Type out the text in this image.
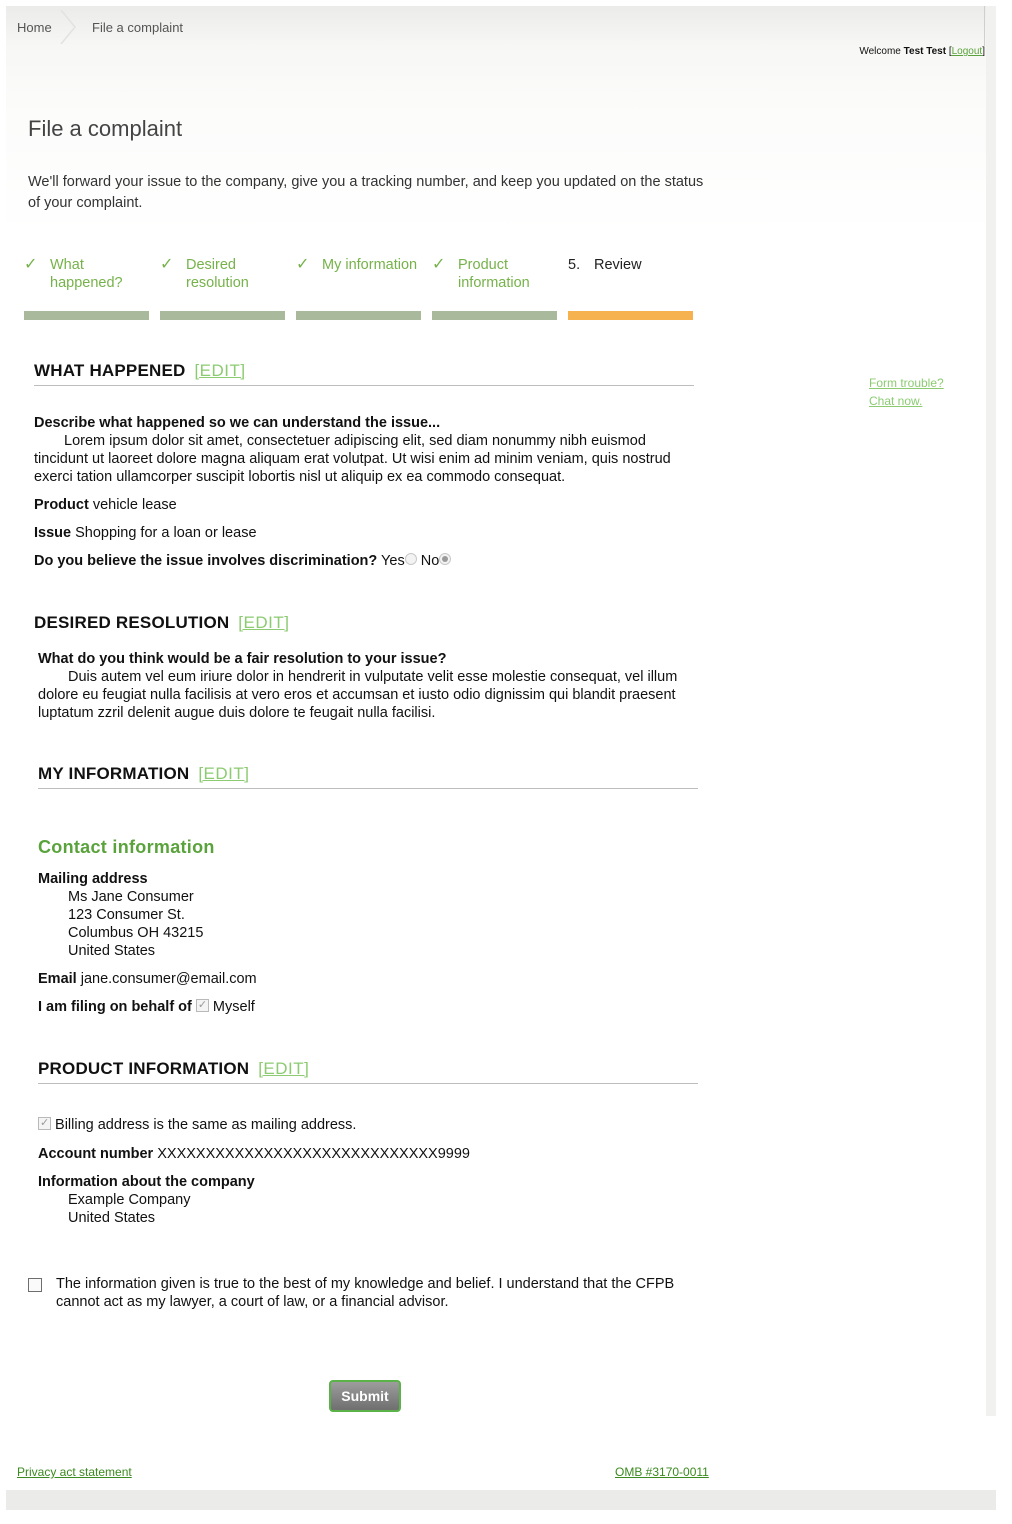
Home	File a complaint
Welcome Test Test [Logout]
File a complaint

We'll forward your issue to the company, give you a tracking number, and keep you updated on the status of your complaint.

✓ What happened?
✓ Desired resolution
✓ My information ✓ Product information
5. Review
Form trouble?
Chat now.
WHAT HAPPENED [EDIT]

Describe what happened so we can understand the issue...

Lorem ipsum dolor sit amet, consectetuer adipiscing elit, sed diam nonummy nibh euismod tincidunt ut laoreet dolore magna aliquam erat volutpat. Ut wisi enim ad minim veniam, quis nostrud exerci tation ullamcorper suscipit lobortis nisl ut aliquip ex ea commodo consequat.

Product vehicle lease

Issue Shopping for a loan or lease

Do you believe the issue involves discrimination? Yes No

DESIRED RESOLUTION [EDIT]

What do you think would be a fair resolution to your issue?

Duis autem vel eum iriure dolor in hendrerit in vulputate velit esse molestie consequat, vel illum dolore eu feugiat nulla facilisis at vero eros et accumsan et iusto odio dignissim qui blandit praesent luptatum zzril delenit augue duis dolore te feugait nulla facilisi.

MY INFORMATION [EDIT]
Contact information

Mailing address

Ms Jane Consumer

123 Consumer St.

Columbus OH 43215

United States

Email jane.consumer@email.com

I am filing on behalf of ✓ Myself

PRODUCT INFORMATION [EDIT]

✓ Billing address is the same as mailing address.

Account number XXXXXXXXXXXXXXXXXXXXXXXXXXXXX9999

Information about the company

Example Company

United States

The information given is true to the best of my knowledge and belief. I understand that the CFPB cannot act as my lawyer, a court of law, or a financial advisor.

Submit
Privacy act statement	OMB #3170-0011
